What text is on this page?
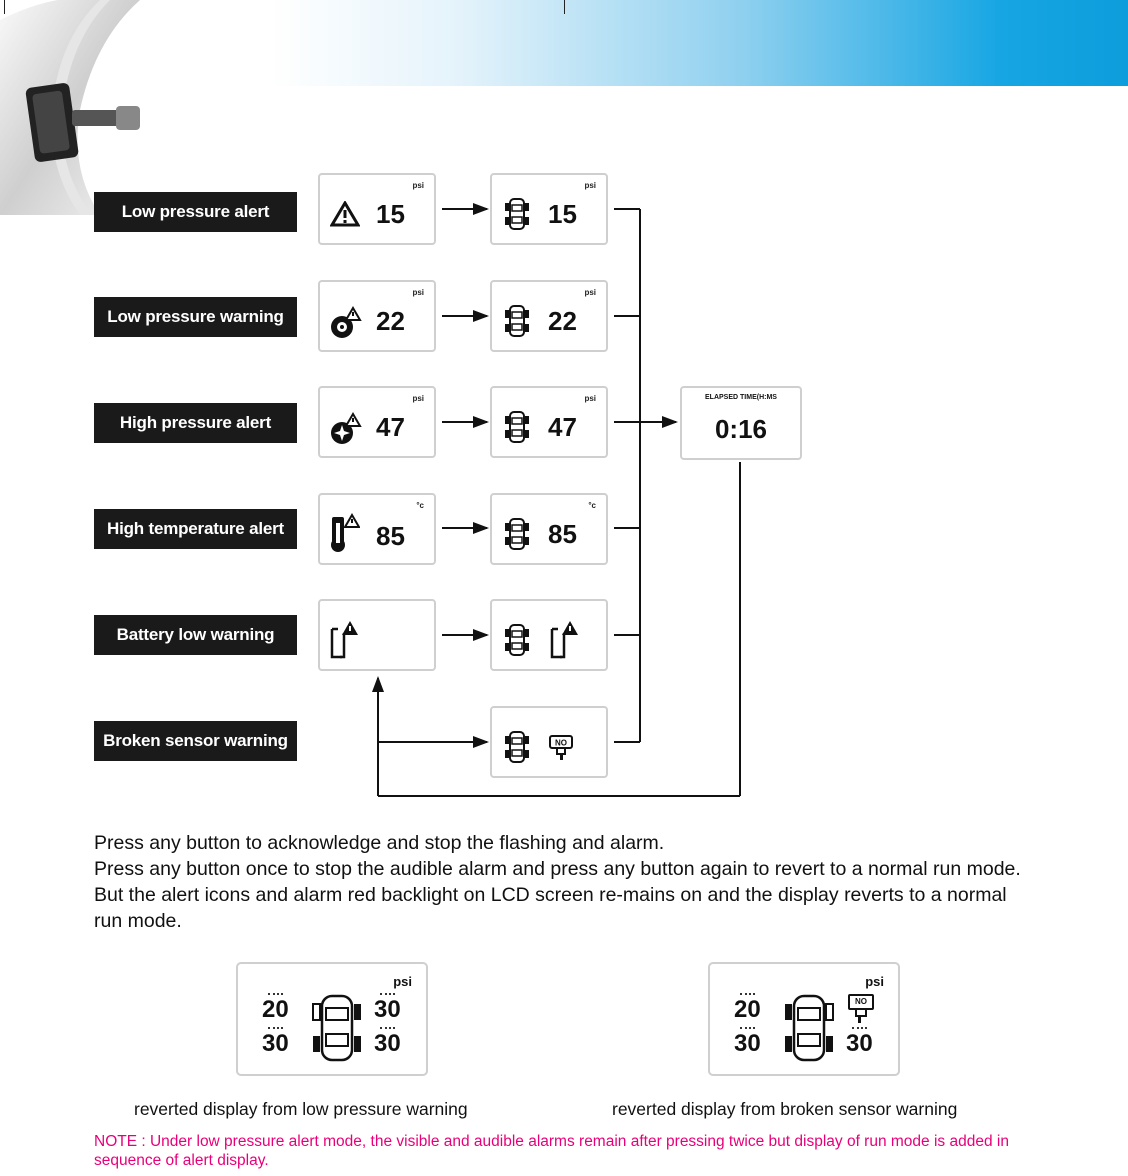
Low pressure alert
Low pressure warning
High pressure alert
High temperature alert
Battery low warning
Broken sensor warning
psi
15
psi
15
psi
22
psi
22
psi
47
psi
47
°c
85
°c
85
NO
ELAPSED TIME(H:MS
0:16

Press any button to acknowledge and stop the flashing and alarm.

Press any button once to stop the audible alarm and press any button again to revert to a normal run mode. But the alert icons and alarm red backlight on LCD screen re-mains on and the display reverts to a normal run mode.

psi
20	30
30	30
reverted display from low pressure warning
psi
20
30	30
NO
reverted display from broken sensor warning
NOTE : Under low pressure alert mode, the visible and audible alarms remain after pressing twice but display of run mode is added in sequence of alert display.
